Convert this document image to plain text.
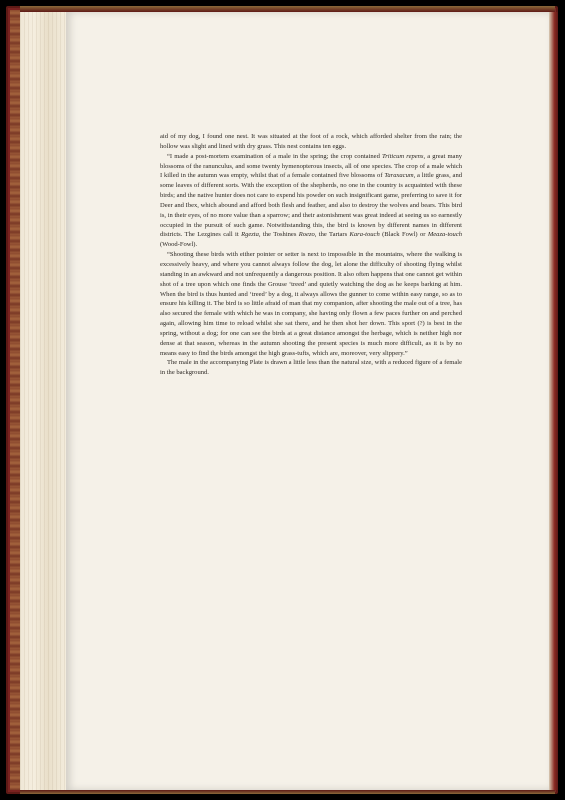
aid of my dog, I found one nest. It was situated at the foot of a rock, which afforded shelter from the rain; the hollow was slight and lined with dry grass. This nest contains ten eggs.

“I made a post-mortem examination of a male in the spring; the crop contained Triticum repens, a great many blossoms of the ranunculus, and some twenty hymenopterous insects, all of one species. The crop of a male which I killed in the autumn was empty, whilst that of a female contained five blossoms of Taraxacum, a little grass, and some leaves of different sorts. With the exception of the shepherds, no one in the country is acquainted with these birds; and the native hunter does not care to expend his powder on such insignificant game, preferring to save it for Deer and Ibex, which abound and afford both flesh and feather, and also to destroy the wolves and bears. This bird is, in their eyes, of no more value than a sparrow; and their astonishment was great indeed at seeing us so earnestly occupied in the pursuit of such game. Notwithstanding this, the bird is known by different names in different districts. The Lezgines call it Rgezta, the Toshines Roezo, the Tartars Kara-touch (Black Fowl) or Meaza-touch (Wood-Fowl).

“Shooting these birds with either pointer or setter is next to impossible in the mountains, where the walking is excessively heavy, and where you cannot always follow the dog, let alone the difficulty of shooting flying whilst standing in an awkward and not unfrequently a dangerous position. It also often happens that one cannot get within shot of a tree upon which one finds the Grouse ‘treed’ and quietly watching the dog as he keeps barking at him. When the bird is thus hunted and ‘treed’ by a dog, it always allows the gunner to come within easy range, so as to ensure his killing it. The bird is so little afraid of man that my companion, after shooting the male out of a tree, has also secured the female with which he was in company, she having only flown a few paces further on and perched again, allowing him time to reload whilst she sat there, and he then shot her down. This sport (?) is best in the spring, without a dog; for one can see the birds at a great distance amongst the herbage, which is neither high nor dense at that season, whereas in the autumn shooting the present species is much more difficult, as it is by no means easy to find the birds amongst the high grass-tufts, which are, moreover, very slippery.”

The male in the accompanying Plate is drawn a little less than the natural size, with a reduced figure of a female in the background.
